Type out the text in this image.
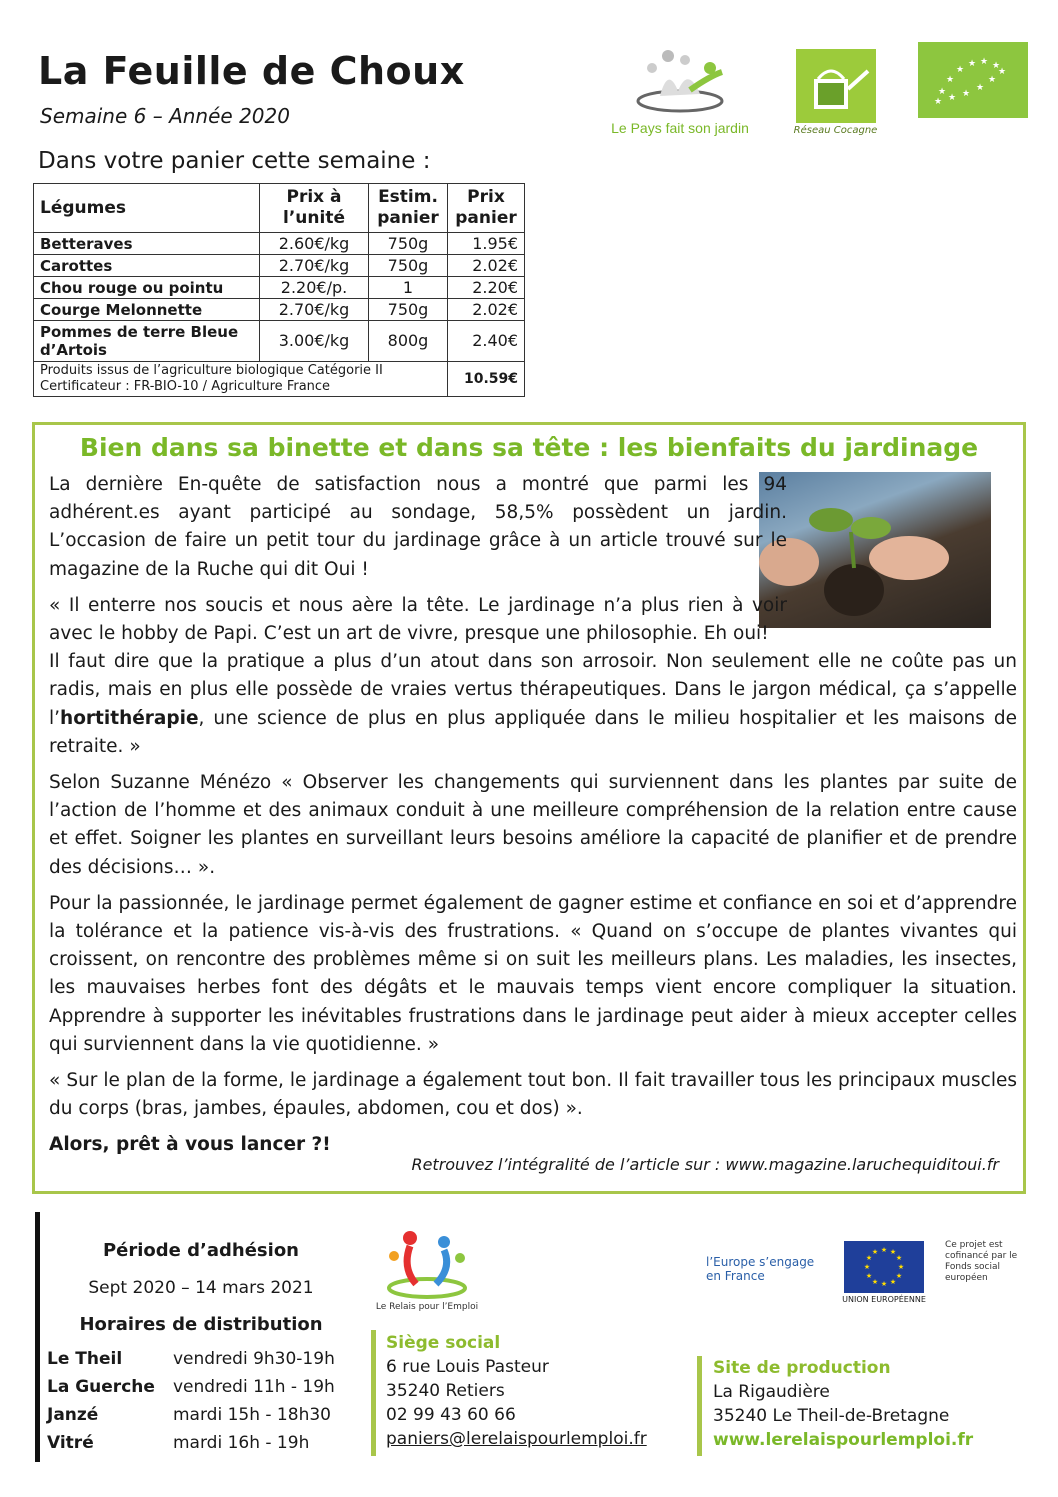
La Feuille de Choux
Semaine 6 – Année 2020
Dans votre panier cette semaine :
Le Pays fait son jardin	Réseau Cocagne
★
★
★
★ ★ ★
★ ★
★
★
★
★
Légumes	Prix à l’unité	Estim. panier	Prix panier
Betteraves	2.60€/kg	750g	1.95€
Carottes	2.70€/kg	750g	2.02€
Chou rouge ou pointu	2.20€/p.	1	2.20€
Courge Melonnette	2.70€/kg	750g	2.02€
Pommes de terre Bleue d’Artois	3.00€/kg	800g	2.40€

Produits issus de l’agriculture biologique Catégorie II
Certificateur : FR-BIO-10 / Agriculture France			10.59€
Bien dans sa binette et dans sa tête : les bienfaits du jardinage

La dernière En-quête de satisfaction nous a montré que parmi les 94 adhérent.es ayant participé au sondage, 58,5% possèdent un jardin. L’occasion de faire un petit tour du jardinage grâce à un article trouvé sur le magazine de la Ruche qui dit Oui !

« Il enterre nos soucis et nous aère la tête. Le jardinage n’a plus rien à voir avec le hobby de Papi. C’est un art de vivre, presque une philosophie. Eh oui!
Il faut dire que la pratique a plus d’un atout dans son arrosoir. Non seulement elle ne coûte pas un radis, mais en plus elle possède de vraies vertus thérapeutiques. Dans le jargon médical, ça s’appelle l’hortithérapie, une science de plus en plus appliquée dans le milieu hospitalier et les maisons de retraite. »

Selon Suzanne Ménézo « Observer les changements qui surviennent dans les plantes par suite de l’action de l’homme et des animaux conduit à une meilleure compréhension de la relation entre cause et effet. Soigner les plantes en surveillant leurs besoins améliore la capacité de planifier et de prendre des décisions… ».

Pour la passionnée, le jardinage permet également de gagner estime et confiance en soi et d’apprendre la tolérance et la patience vis-à-vis des frustrations. « Quand on s’occupe de plantes vivantes qui croissent, on rencontre des problèmes même si on suit les meilleurs plans. Les maladies, les insectes, les mauvaises herbes font des dégâts et le mauvais temps vient encore compliquer la situation. Apprendre à supporter les inévitables frustrations dans le jardinage peut aider à mieux accepter celles qui surviennent dans la vie quotidienne. »

« Sur le plan de la forme, le jardinage a également tout bon. Il fait travailler tous les principaux muscles du corps (bras, jambes, épaules, abdomen, cou et dos) ».

Alors, prêt à vous lancer ?!

Retrouvez l’intégralité de l’article sur : www.magazine.laruchequiditoui.fr
Période d’adhésion
Sept 2020 – 14 mars 2021
Horaires de distribution
Le Theil	vendredi 9h30-19h
La Guerche	vendredi 11h - 19h
Janzé	mardi 15h - 18h30
Vitré	mardi 16h - 19h
Le Relais pour l’Emploi
Siège social
6 rue Louis Pasteur
35240 Retiers
02 99 43 60 66
paniers@lerelaispourlemploi.fr
Site de production
La Rigaudière
35240 Le Theil-de-Bretagne
www.lerelaispourlemploi.fr
l’Europe s’engage en France
★ ★
★
★
★
★
★
★
★
★
★
★
UNION EUROPÉENNE
Ce projet est cofinancé par le Fonds social européen
